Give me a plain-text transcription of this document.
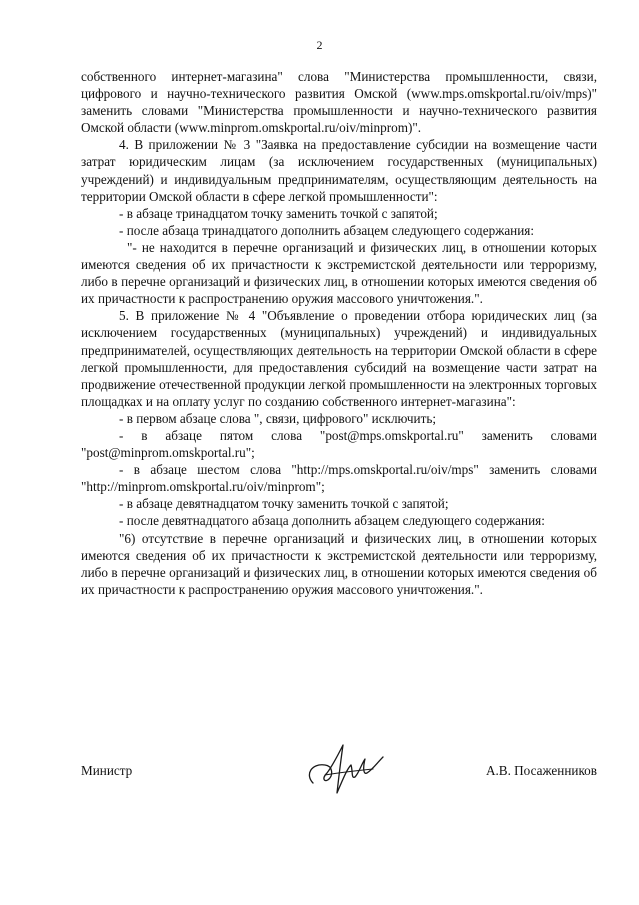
2

собственного интернет-магазина" слова "Министерства промышленности, связи, цифрового и научно-технического развития Омской (www.mps.omskportal.ru/oiv/mps)" заменить словами "Министерства промышленности и научно-технического развития Омской области (www.minprom.omskportal.ru/oiv/minprom)".

4. В приложении № 3 "Заявка на предоставление субсидии на возмещение части затрат юридическим лицам (за исключением государственных (муниципальных) учреждений) и индивидуальным предпринимателям, осуществляющим деятельность на территории Омской области в сфере легкой промышленности":

- в абзаце тринадцатом точку заменить точкой с запятой;

- после абзаца тринадцатого дополнить абзацем следующего содержания:

"- не находится в перечне организаций и физических лиц, в отношении которых имеются сведения об их причастности к экстремистской деятельности или терроризму, либо в перечне организаций и физических лиц, в отношении которых имеются сведения об их причастности к распространению оружия массового уничтожения.".

5. В приложение № 4 "Объявление о проведении отбора юридических лиц (за исключением государственных (муниципальных) учреждений) и индивидуальных предпринимателей, осуществляющих деятельность на территории Омской области в сфере легкой промышленности, для предоставления субсидий на возмещение части затрат на продвижение отечественной продукции легкой промышленности на электронных торговых площадках и на оплату услуг по созданию собственного интернет-магазина":

- в первом абзаце слова ", связи, цифрового" исключить;

- в абзаце пятом слова "post@mps.omskportal.ru" заменить словами "post@minprom.omskportal.ru";

- в абзаце шестом слова "http://mps.omskportal.ru/oiv/mps" заменить словами "http://minprom.omskportal.ru/oiv/minprom";

- в абзаце девятнадцатом точку заменить точкой с запятой;

- после девятнадцатого абзаца дополнить абзацем следующего содержания:

"6) отсутствие в перечне организаций и физических лиц, в отношении которых имеются сведения об их причастности к экстремистской деятельности или терроризму, либо в перечне организаций и физических лиц, в отношении которых имеются сведения об их причастности к распространению оружия массового уничтожения.".

Министр	А.В. Посаженников
